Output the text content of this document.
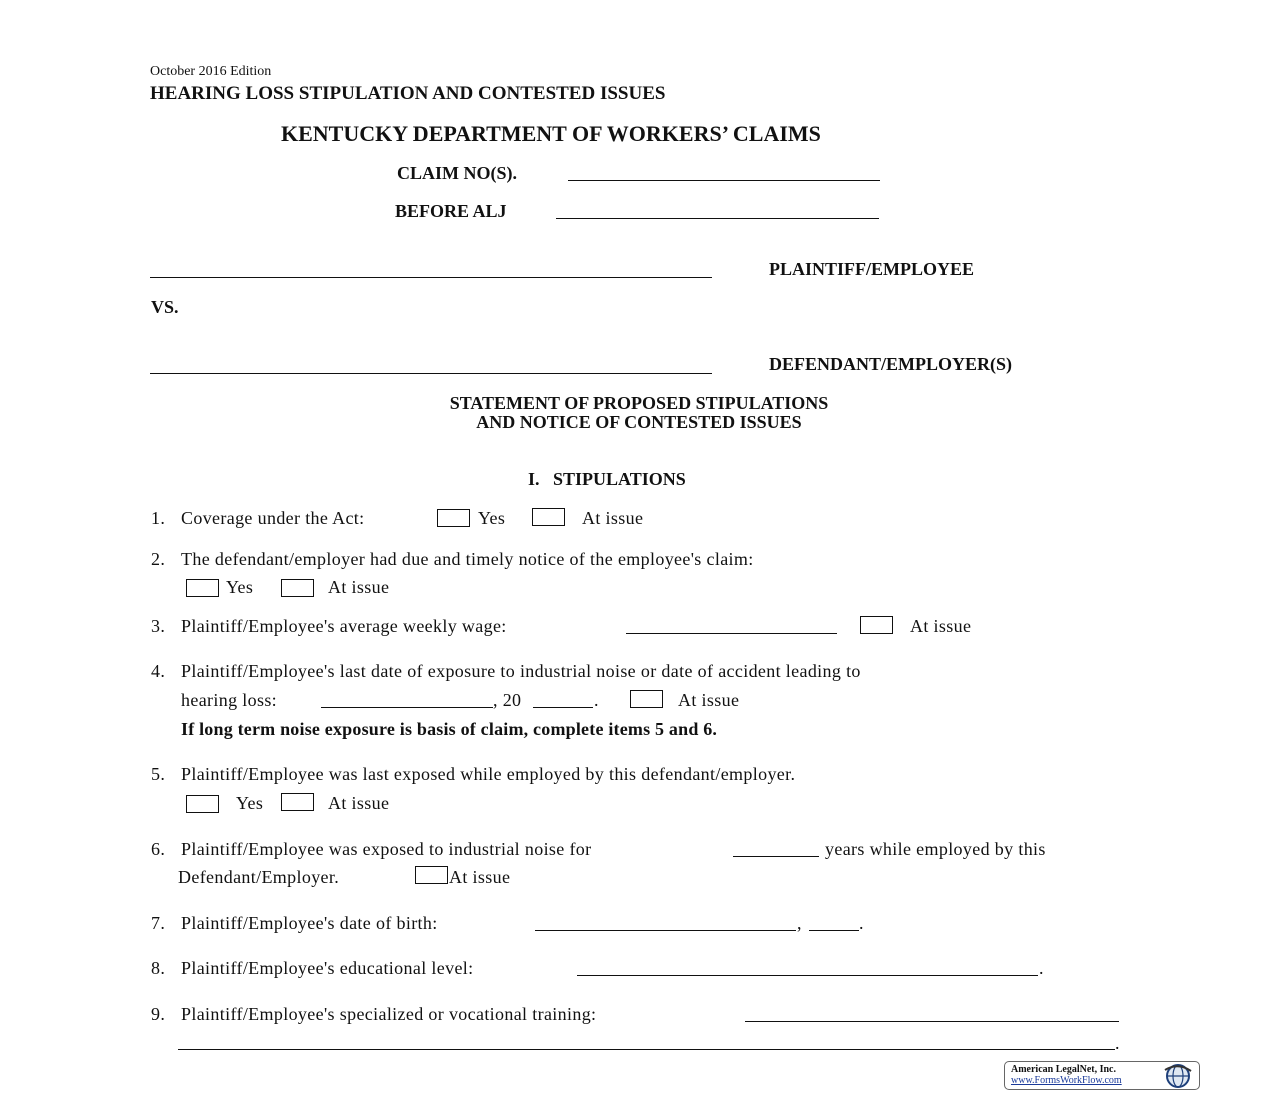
October 2016 Edition
HEARING LOSS STIPULATION AND CONTESTED ISSUES
KENTUCKY DEPARTMENT OF WORKERS’ CLAIMS
CLAIM NO(S).
BEFORE ALJ
PLAINTIFF/EMPLOYEE
VS.
DEFENDANT/EMPLOYER(S)
STATEMENT OF PROPOSED STIPULATIONS
AND NOTICE OF CONTESTED ISSUES
I.   STIPULATIONS
1. Coverage under the Act:	Yes	At issue
2. The defendant/employer had due and timely notice of the employee's claim:
Yes	At issue
3. Plaintiff/Employee's average weekly wage:	At issue
4. Plaintiff/Employee's last date of exposure to industrial noise or date of accident leading to
hearing loss:	, 20	.	At issue
If long term noise exposure is basis of claim, complete items 5 and 6.
5. Plaintiff/Employee was last exposed while employed by this defendant/employer.
Yes	At issue
6. Plaintiff/Employee was exposed to industrial noise for	years while employed by this
Defendant/Employer.	At issue
7. Plaintiff/Employee's date of birth:	,	.
8. Plaintiff/Employee's educational level:	.
9. Plaintiff/Employee's specialized or vocational training:
.
American LegalNet, Inc.
www.FormsWorkFlow.com
